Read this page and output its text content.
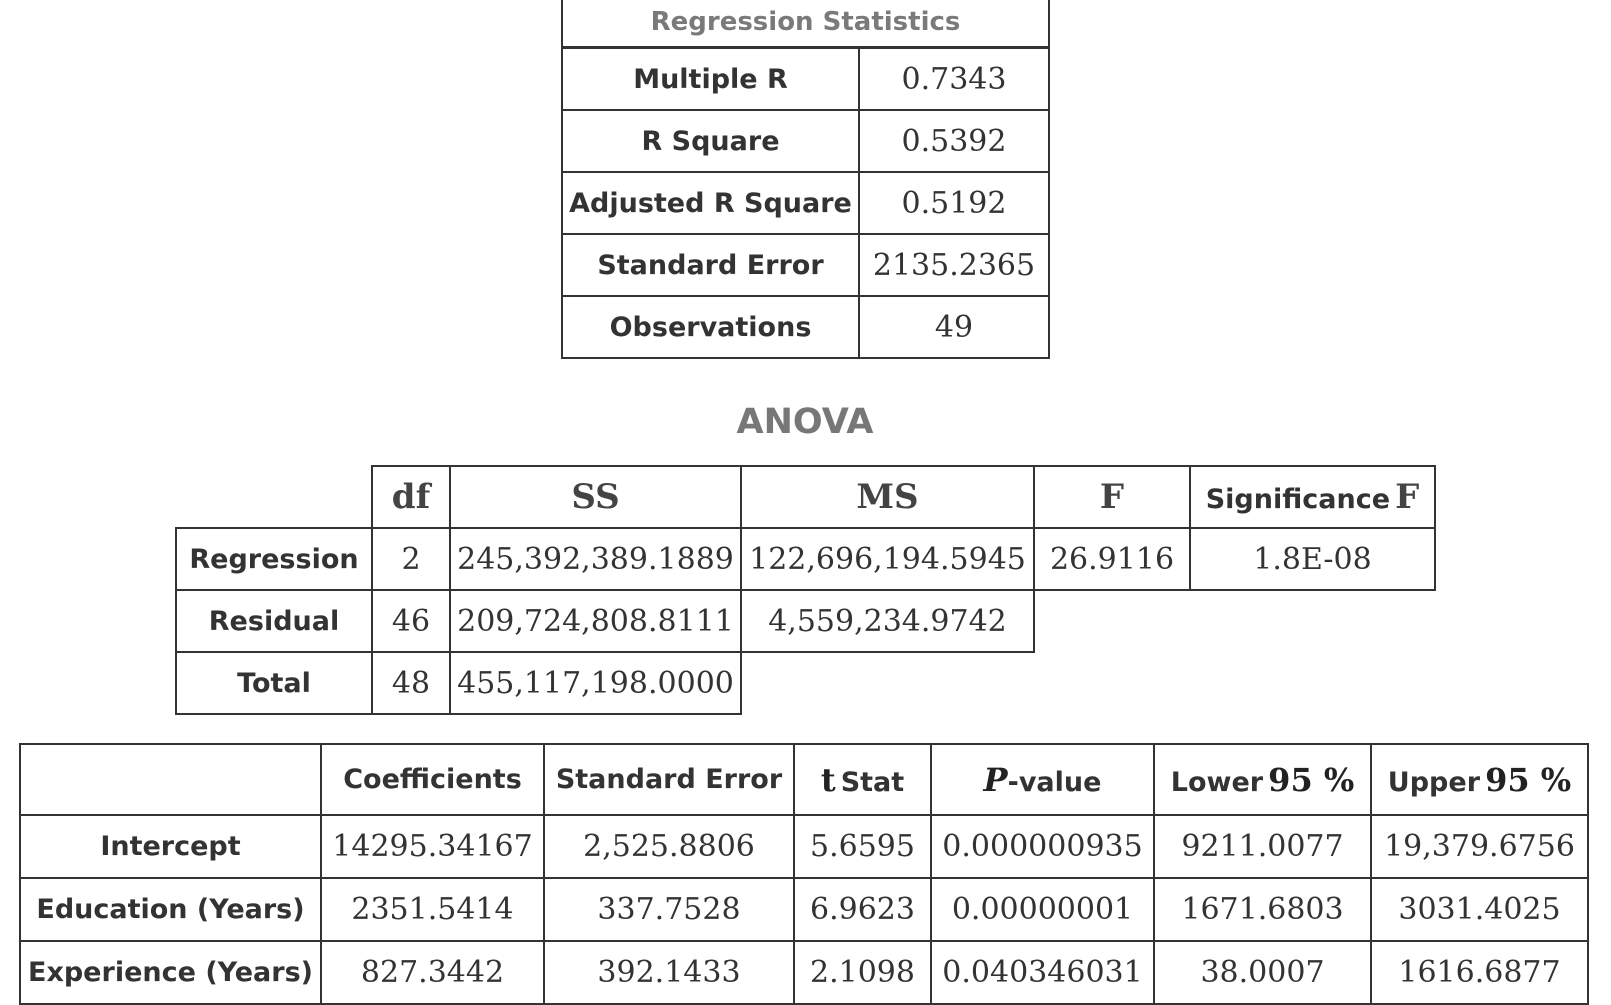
Regression Statistics	
Multiple R	0.7343
R Square	0.5392
Adjusted R Square	0.5192
Standard Error	2135.2365
Observations	49
ANOVA
	df	SS	MS	F	Significance F
Regression	2	245,392,389.1889	122,696,194.5945	26.9116	1.8E-08
Residual	46	209,724,808.8111	4,559,234.9742		
Total	48	455,117,198.0000			
	Coefficients	Standard Error	t Stat	P-value	Lower 95 %	Upper 95 %
Intercept	14295.34167	2,525.8806	5.6595	0.000000935	9211.0077	19,379.6756
Education (Years)	2351.5414	337.7528	6.9623	0.00000001	1671.6803	3031.4025
Experience (Years)	827.3442	392.1433	2.1098	0.040346031	38.0007	1616.6877
